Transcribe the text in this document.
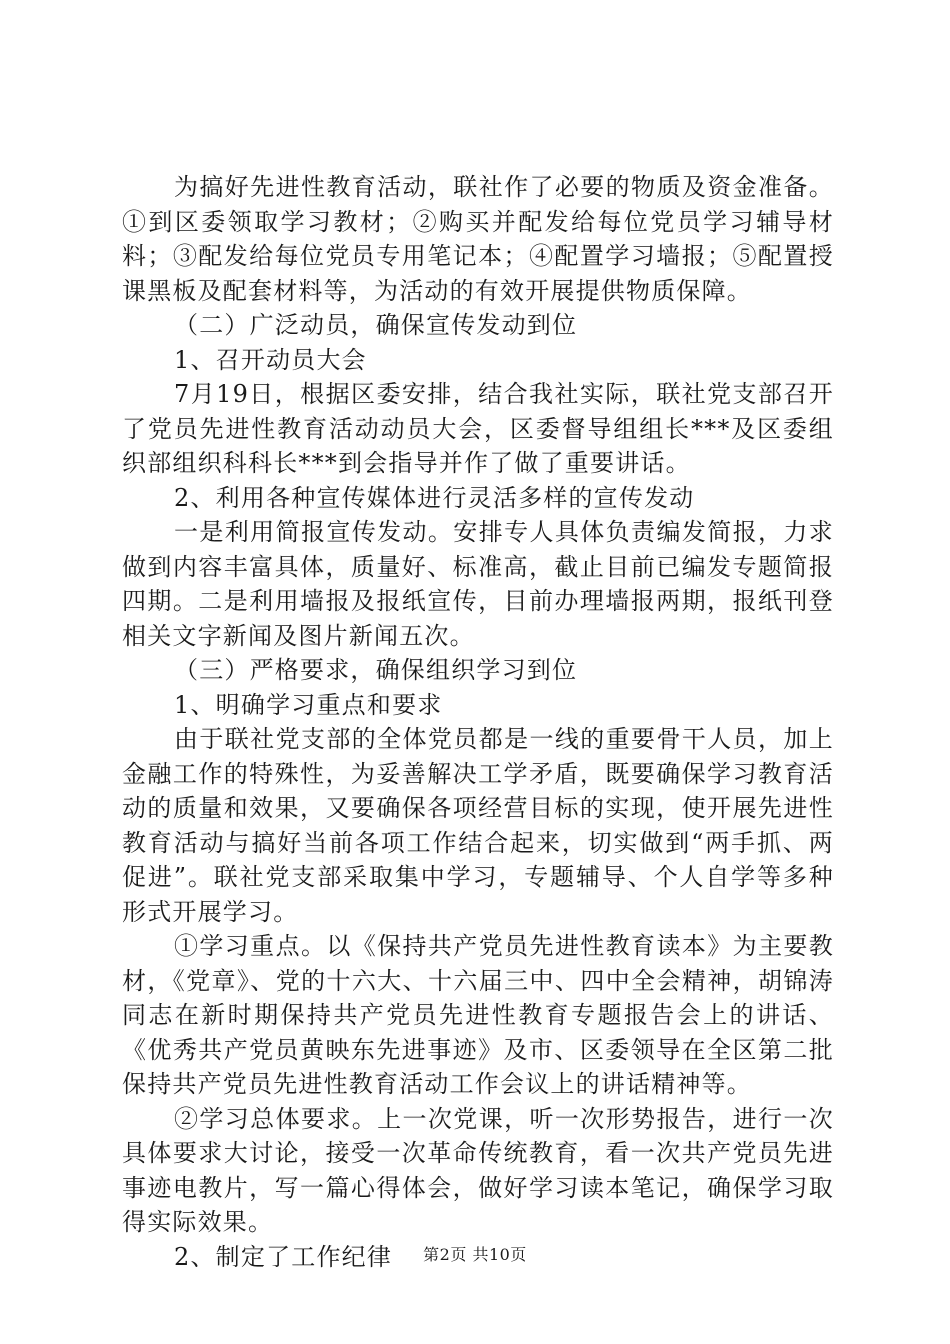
为搞好先进性教育活动，联社作了必要的物质及资金准备。①到区委领取学习教材；②购买并配发给每位党员学习辅导材料；③配发给每位党员专用笔记本；④配置学习墙报；⑤配置授课黑板及配套材料等，为活动的有效开展提供物质保障。

（二）广泛动员，确保宣传发动到位

1、召开动员大会

7月19日，根据区委安排，结合我社实际，联社党支部召开了党员先进性教育活动动员大会，区委督导组组长***及区委组织部组织科科长***到会指导并作了做了重要讲话。

2、利用各种宣传媒体进行灵活多样的宣传发动

一是利用简报宣传发动。安排专人具体负责编发简报，力求做到内容丰富具体，质量好、标准高，截止目前已编发专题简报四期。二是利用墙报及报纸宣传，目前办理墙报两期，报纸刊登相关文字新闻及图片新闻五次。

（三）严格要求，确保组织学习到位

1、明确学习重点和要求

由于联社党支部的全体党员都是一线的重要骨干人员，加上金融工作的特殊性，为妥善解决工学矛盾，既要确保学习教育活动的质量和效果，又要确保各项经营目标的实现，使开展先进性教育活动与搞好当前各项工作结合起来，切实做到“两手抓、两促进”。联社党支部采取集中学习，专题辅导、个人自学等多种形式开展学习。

①学习重点。以《保持共产党员先进性教育读本》为主要教材，《党章》、党的十六大、十六届三中、四中全会精神，胡锦涛同志在新时期保持共产党员先进性教育专题报告会上的讲话、《优秀共产党员黄映东先进事迹》及市、区委领导在全区第二批保持共产党员先进性教育活动工作会议上的讲话精神等。

②学习总体要求。上一次党课，听一次形势报告，进行一次具体要求大讨论，接受一次革命传统教育，看一次共产党员先进事迹电教片，写一篇心得体会，做好学习读本笔记，确保学习取得实际效果。

2、制定了工作纪律	第2页 共10页
